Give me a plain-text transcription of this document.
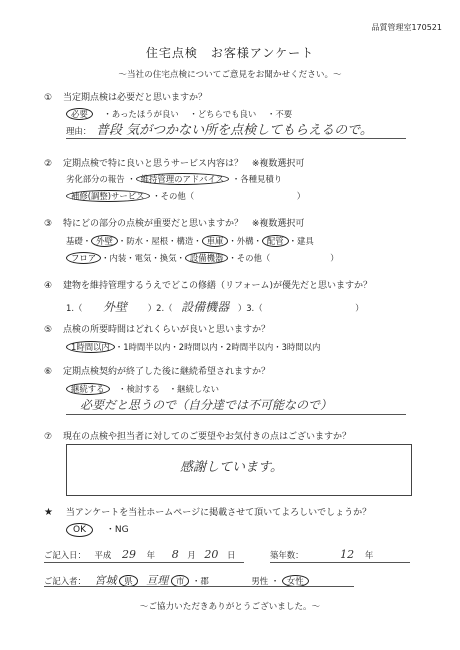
品質管理室170521
住宅点検　お客様アンケート
～当社の住宅点検についてご意見をお聞かせください。～
① 当定期点検は必要だと思いますか？
必要 ・あったほうが良い ・どちらでも良い ・不要
理由： 普段 気がつかない所を点検してもらえるので。
② 定期点検で特に良いと思うサービス内容は？ ※複数選択可
劣化部分の報告 ・ 維持管理のアドバイス ・各種見積り
補修(調整)サービス ・その他（	）
③ 特にどの部分の点検が重要だと思いますか？ ※複数選択可
基礎・ 外壁 ・防水・屋根・構造・ 車庫 ・外構・ 配管 ・建具
フロア ・内装・電気・換気・ 設備機器 ・その他（	）
④ 建物を維持管理するうえでどこの修繕（リフォーム)が優先だと思いますか？
1.（ 外壁 ）2.（ 設備機器 ）3.（	）
⑤ 点検の所要時間はどれくらいが良いと思いますか？
1時間以内 ・1時間半以内・2時間以内・2時間半以内・3時間以内
⑥ 定期点検契約が終了した後に継続希望されますか？
継続する ・検討する ・継続しない
必要だと思うので（自分達では不可能なので）
⑦ 現在の点検や担当者に対してのご要望やお気付きの点はございますか？
感謝しています。
★ 当アンケートを当社ホームページに掲載させて頂いてよろしいでしょうか？
OK ・NG
ご記入日： 平成 29 年 8 月 20 日	築年数：	12 年
ご記入者： 宮城 県 亘理 市 ・郡	男性 ・ 女性
～ご協力いただきありがとうございました。～
